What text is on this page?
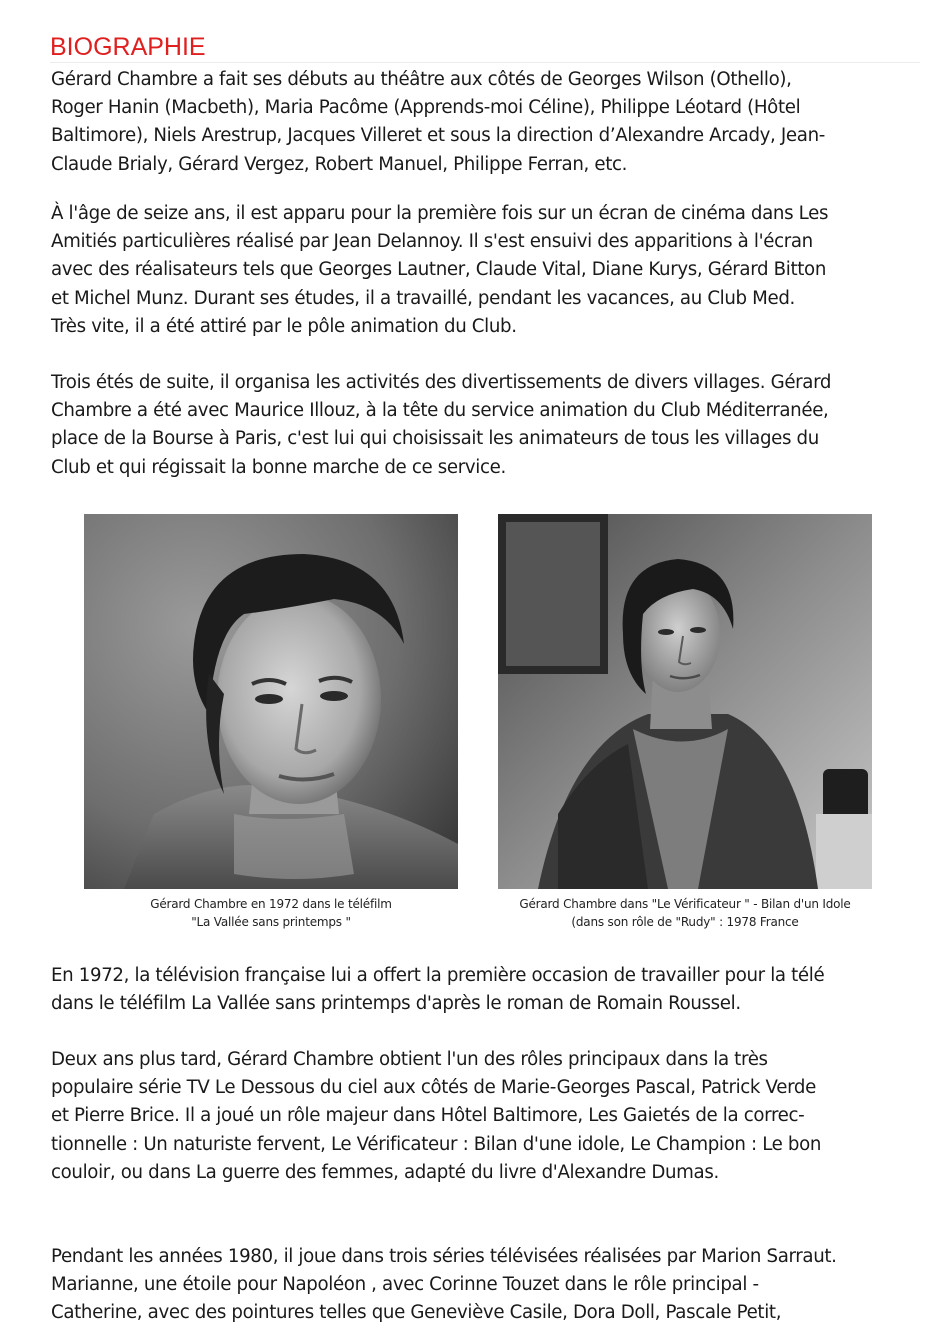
BIOGRAPHIE
Gérard Chambre a fait ses débuts au théâtre aux côtés de Georges Wilson (Othello),
Roger Hanin (Macbeth), Maria Pacôme (Apprends-moi Céline), Philippe Léotard (Hôtel
Baltimore), Niels Arestrup, Jacques Villeret et sous la direction d’Alexandre Arcady, Jean-
Claude Brialy, Gérard Vergez, Robert Manuel, Philippe Ferran, etc.
À l'âge de seize ans, il est apparu pour la première fois sur un écran de cinéma dans Les
Amitiés particulières réalisé par Jean Delannoy. Il s'est ensuivi des apparitions à l'écran
avec des réalisateurs tels que Georges Lautner, Claude Vital, Diane Kurys, Gérard Bitton
et Michel Munz. Durant ses études, il a travaillé, pendant les vacances, au Club Med.
Très vite, il a été attiré par le pôle animation du Club.
Trois étés de suite, il organisa les activités des divertissements de divers villages. Gérard
Chambre a été avec Maurice Illouz, à la tête du service animation du Club Méditerranée,
place de la Bourse à Paris, c'est lui qui choisissait les animateurs de tous les villages du
Club et qui régissait la bonne marche de ce service.
Gérard Chambre en 1972 dans le téléfilm
"La Vallée sans printemps "
Gérard Chambre dans "Le Vérificateur " - Bilan d'un Idole
(dans son rôle de "Rudy" : 1978 France
En 1972, la télévision française lui a offert la première occasion de travailler pour la télé
dans le téléfilm La Vallée sans printemps d'après le roman de Romain Roussel.
Deux ans plus tard, Gérard Chambre obtient l'un des rôles principaux dans la très
populaire série TV Le Dessous du ciel aux côtés de Marie-Georges Pascal, Patrick Verde
et Pierre Brice. Il a joué un rôle majeur dans Hôtel Baltimore, Les Gaietés de la correc-
tionnelle : Un naturiste fervent, Le Vérificateur : Bilan d'une idole, Le Champion : Le bon
couloir, ou dans La guerre des femmes, adapté du livre d'Alexandre Dumas.
Pendant les années 1980, il joue dans trois séries télévisées réalisées par Marion Sarraut.
Marianne, une étoile pour Napoléon , avec Corinne Touzet dans le rôle principal -
Catherine, avec des pointures telles que Geneviève Casile, Dora Doll, Pascale Petit,
